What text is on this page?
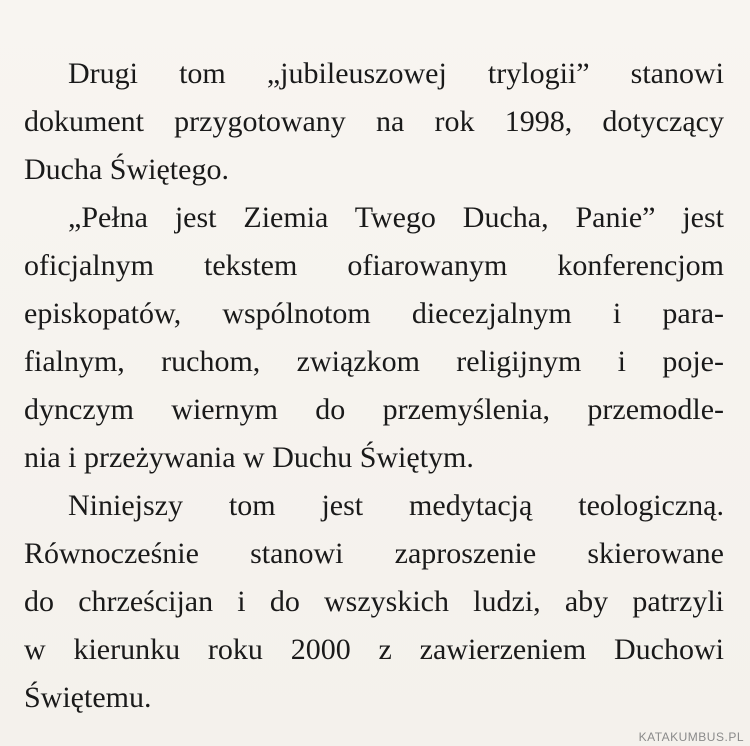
Drugi tom „jubileuszowej trylogii” stanowi
dokument przygotowany na rok 1998, dotyczący
Ducha Świętego.
„Pełna jest Ziemia Twego Ducha, Panie” jest
oficjalnym tekstem ofiarowanym konferencjom
episkopatów, wspólnotom diecezjalnym i para-
fialnym, ruchom, związkom religijnym i poje-
dynczym wiernym do przemyślenia, przemodle-
nia i przeżywania w Duchu Świętym.
Niniejszy tom jest medytacją teologiczną.
Równocześnie stanowi zaproszenie skierowane
do chrześcijan i do wszyskich ludzi, aby patrzyli
w kierunku roku 2000 z zawierzeniem Duchowi
Świętemu.
KATAKUMBUS.PL
